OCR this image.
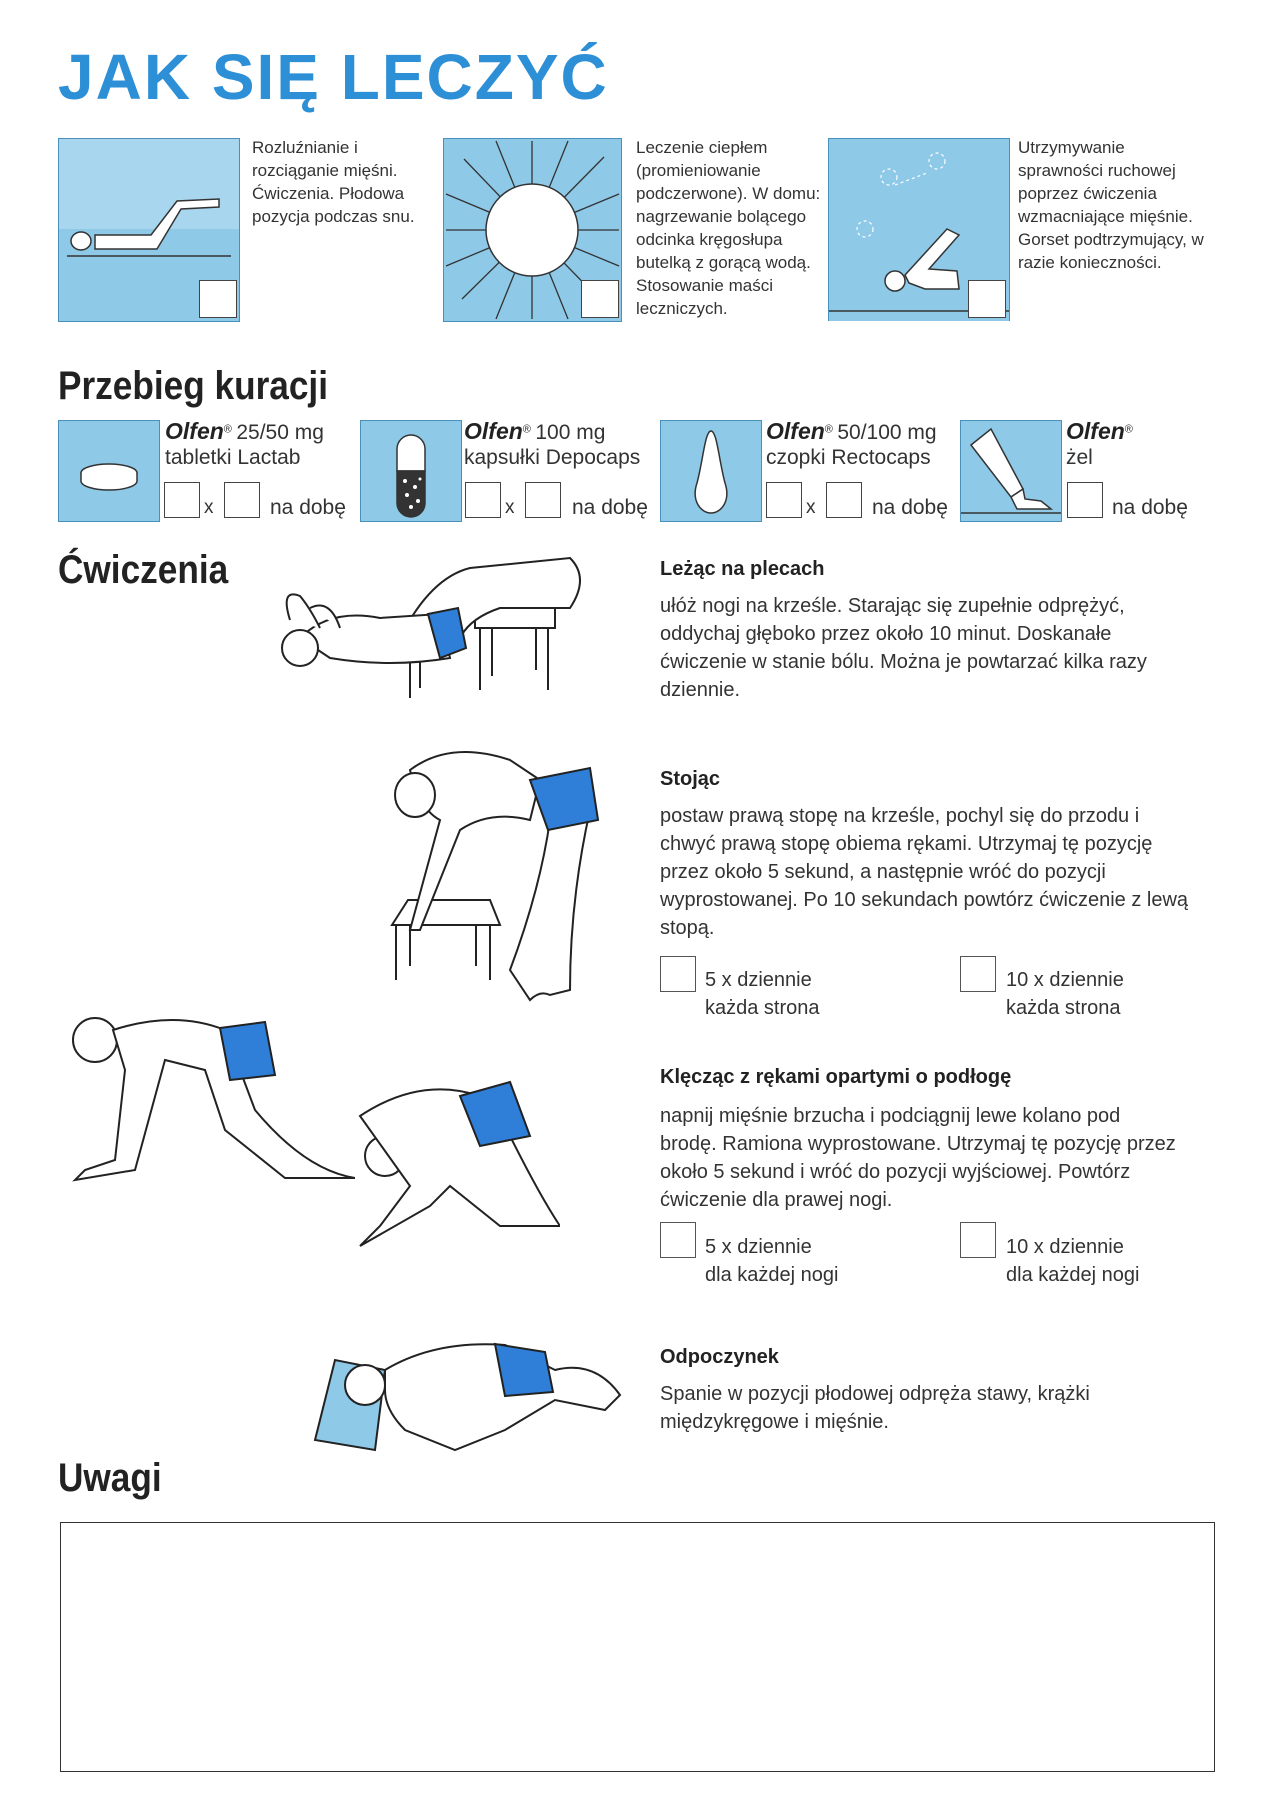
JAK SIĘ LECZYĆ
Rozluźnianie i rozciąganie mięśni. Ćwiczenia. Płodowa pozycja podczas snu.
Leczenie ciepłem (promieniowanie podczerwone). W domu: nagrzewanie bolącego odcinka kręgosłupa butelką z gorącą wodą. Stosowanie maści leczniczych.
Utrzymywanie sprawności ruchowej poprzez ćwiczenia wzmacniające mięśnie. Gorset podtrzymujący, w razie konieczności.
Przebieg kuracji
Olfen® 25/50 mg
tabletki Lactab
x	na dobę
Olfen® 100 mg
kapsułki Depocaps
x	na dobę
Olfen® 50/100 mg
czopki Rectocaps
x	na dobę
Olfen®
żel
na dobę
Ćwiczenia	Leżąc na plecach
ułóż nogi na krześle. Starając się zupełnie odprężyć, oddychaj głęboko przez około 10 minut. Doskanałe ćwiczenie w stanie bólu. Można je powtarzać kilka razy dziennie.
Stojąc
postaw prawą stopę na krześle, pochyl się do przodu i chwyć prawą stopę obiema rękami. Utrzymaj tę pozycję przez około 5 sekund, a następnie wróć do pozycji wyprostowanej. Po 10 sekundach powtórz ćwiczenie z lewą stopą.
5 x dziennie
każda strona
10 x dziennie
każda strona
Klęcząc z rękami opartymi o podłogę
napnij mięśnie brzucha i podciągnij lewe kolano pod brodę. Ramiona wyprostowane. Utrzymaj tę pozycję przez około 5 sekund i wróć do pozycji wyjściowej. Powtórz ćwiczenie dla prawej nogi.
5 x dziennie
dla każdej nogi
10 x dziennie
dla każdej nogi
Odpoczynek
Spanie w pozycji płodowej odpręża stawy, krążki międzykręgowe i mięśnie.
Uwagi
